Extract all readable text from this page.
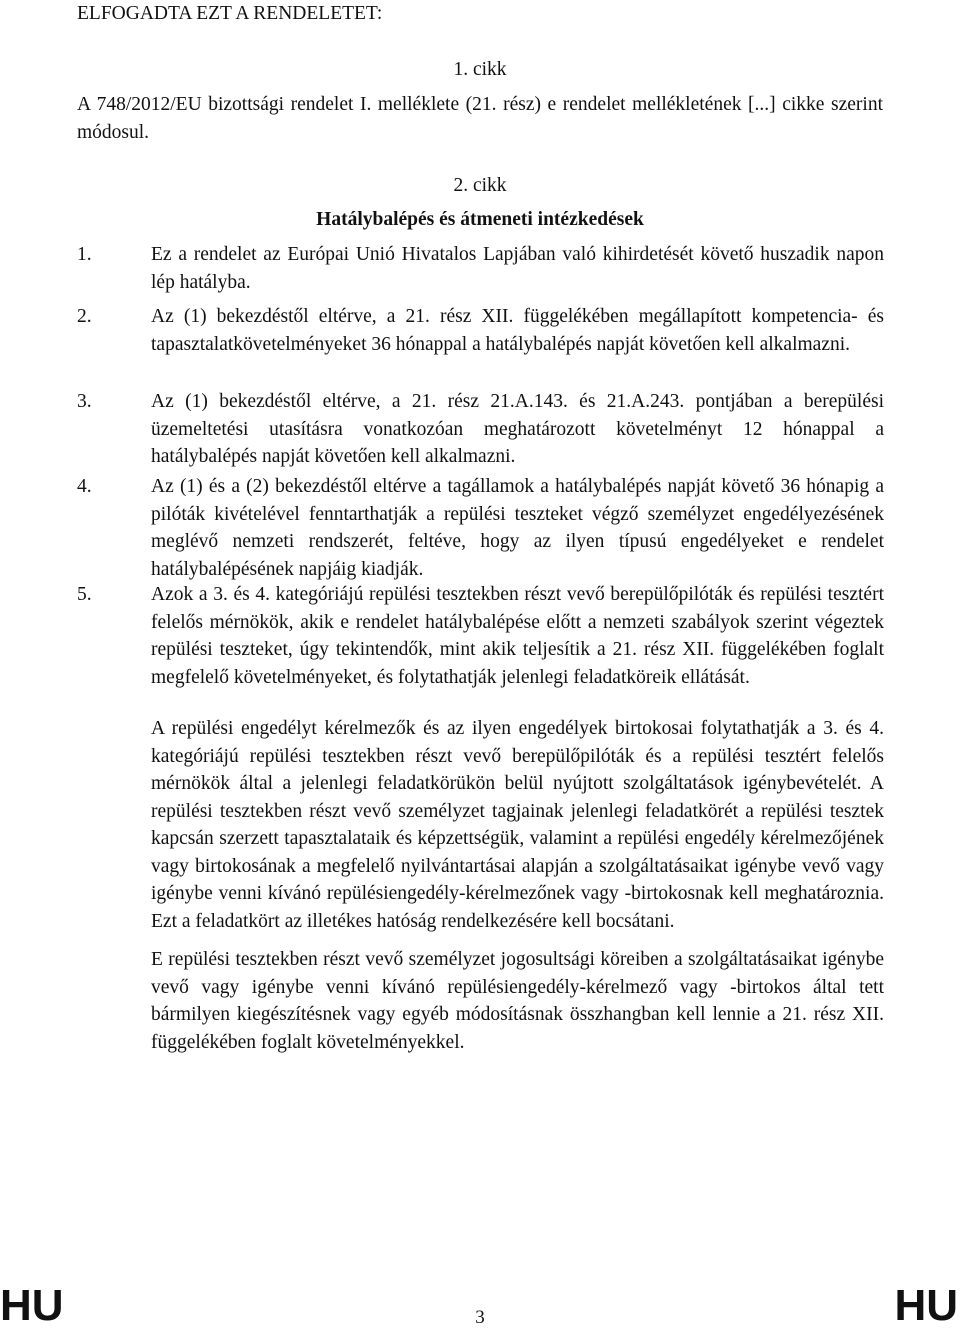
ELFOGADTA EZT A RENDELETET:
1. cikk
A 748/2012/EU bizottsági rendelet I. melléklete (21. rész) e rendelet mellékletének [...] cikke szerint módosul.
2. cikk
Hatálybalépés és átmeneti intézkedések
1.	Ez a rendelet az Európai Unió Hivatalos Lapjában való kihirdetését követő huszadik napon lép hatályba.
2.	Az (1) bekezdéstől eltérve, a 21. rész XII. függelékében megállapított kompetencia- és tapasztalatkövetelményeket 36 hónappal a hatálybalépés napját követően kell alkalmazni.
3.	Az (1) bekezdéstől eltérve, a 21. rész 21.A.143. és 21.A.243. pontjában a berepülési üzemeltetési utasításra vonatkozóan meghatározott követelményt 12 hónappal a hatálybalépés napját követően kell alkalmazni.
4.	Az (1) és a (2) bekezdéstől eltérve a tagállamok a hatálybalépés napját követő 36 hónapig a pilóták kivételével fenntarthatják a repülési teszteket végző személyzet engedélyezésének meglévő nemzeti rendszerét, feltéve, hogy az ilyen típusú engedélyeket e rendelet hatálybalépésének napjáig kiadják.
5.	Azok a 3. és 4. kategóriájú repülési tesztekben részt vevő berepülőpilóták és repülési tesztért felelős mérnökök, akik e rendelet hatálybalépése előtt a nemzeti szabályok szerint végeztek repülési teszteket, úgy tekintendők, mint akik teljesítik a 21. rész XII. függelékében foglalt megfelelő követelményeket, és folytathatják jelenlegi feladatköreik ellátását.
A repülési engedélyt kérelmezők és az ilyen engedélyek birtokosai folytathatják a 3. és 4. kategóriájú repülési tesztekben részt vevő berepülőpilóták és a repülési tesztért felelős mérnökök által a jelenlegi feladatkörükön belül nyújtott szolgáltatások igénybevételét. A repülési tesztekben részt vevő személyzet tagjainak jelenlegi feladatkörét a repülési tesztek kapcsán szerzett tapasztalataik és képzettségük, valamint a repülési engedély kérelmezőjének vagy birtokosának a megfelelő nyilvántartásai alapján a szolgáltatásaikat igénybe vevő vagy igénybe venni kívánó repülésiengedély-kérelmezőnek vagy -birtokosnak kell meghatároznia. Ezt a feladatkört az illetékes hatóság rendelkezésére kell bocsátani.
E repülési tesztekben részt vevő személyzet jogosultsági köreiben a szolgáltatásaikat igénybe vevő vagy igénybe venni kívánó repülésiengedély-kérelmező vagy -birtokos által tett bármilyen kiegészítésnek vagy egyéb módosításnak összhangban kell lennie a 21. rész XII. függelékében foglalt követelményekkel.
HU	3	HU
